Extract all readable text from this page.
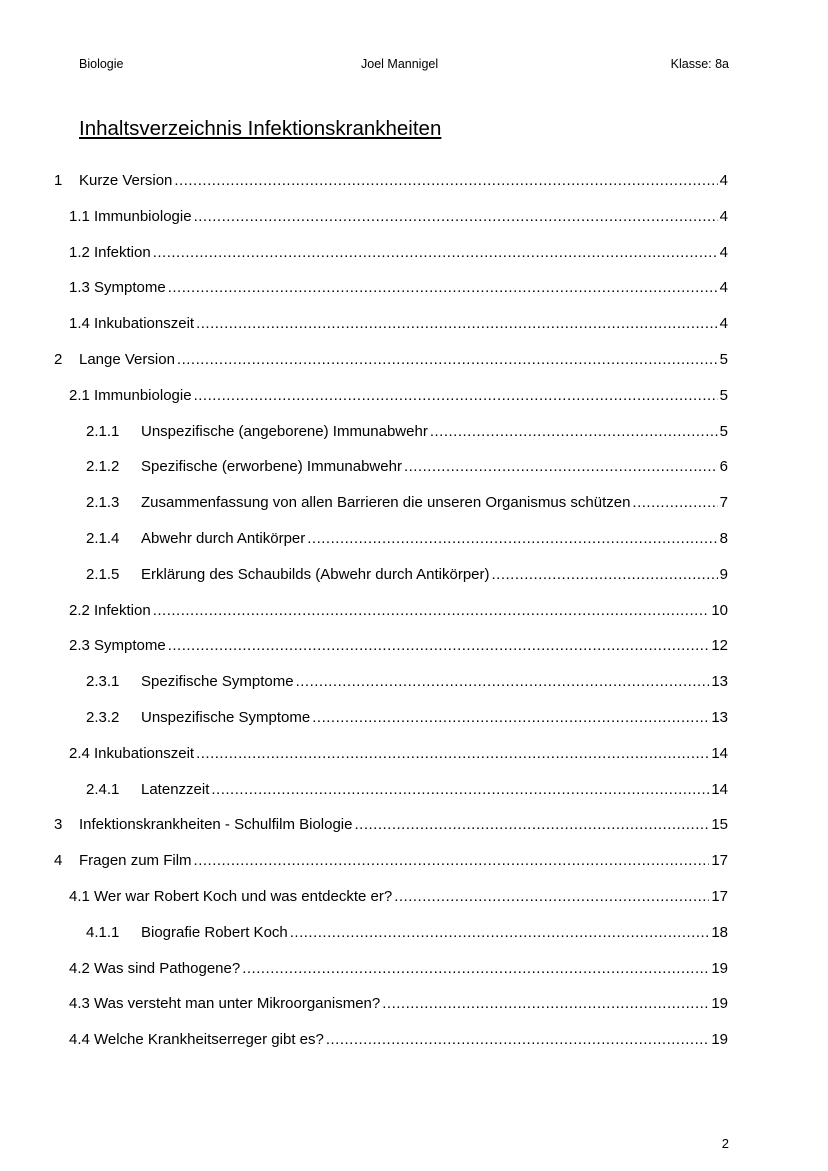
Biologie	Joel Mannigel	Klasse: 8a
Inhaltsverzeichnis Infektionskrankheiten
1	Kurze Version .....	4
1.1 Immunbiologie .....	4
1.2 Infektion .....	4
1.3 Symptome .....	4
1.4 Inkubationszeit .....	4
2	Lange Version .....	5
2.1 Immunbiologie .....	5
2.1.1	Unspezifische (angeborene) Immunabwehr .....	5
2.1.2	Spezifische (erworbene) Immunabwehr .....	6
2.1.3	Zusammenfassung von allen Barrieren die unseren Organismus schützen .....	7
2.1.4	Abwehr durch Antikörper .....	8
2.1.5	Erklärung des Schaubilds (Abwehr durch Antikörper) .....	9
2.2 Infektion .....	10
2.3 Symptome .....	12
2.3.1	Spezifische Symptome .....	13
2.3.2	Unspezifische Symptome .....	13
2.4 Inkubationszeit .....	14
2.4.1	Latenzzeit .....	14
3	Infektionskrankheiten - Schulfilm Biologie .....	15
4	Fragen zum Film .....	17
4.1 Wer war Robert Koch und was entdeckte er? .....	17
4.1.1	Biografie Robert Koch .....	18
4.2 Was sind Pathogene? .....	19
4.3 Was versteht man unter Mikroorganismen? .....	19
4.4 Welche Krankheitserreger gibt es? .....	19
2
